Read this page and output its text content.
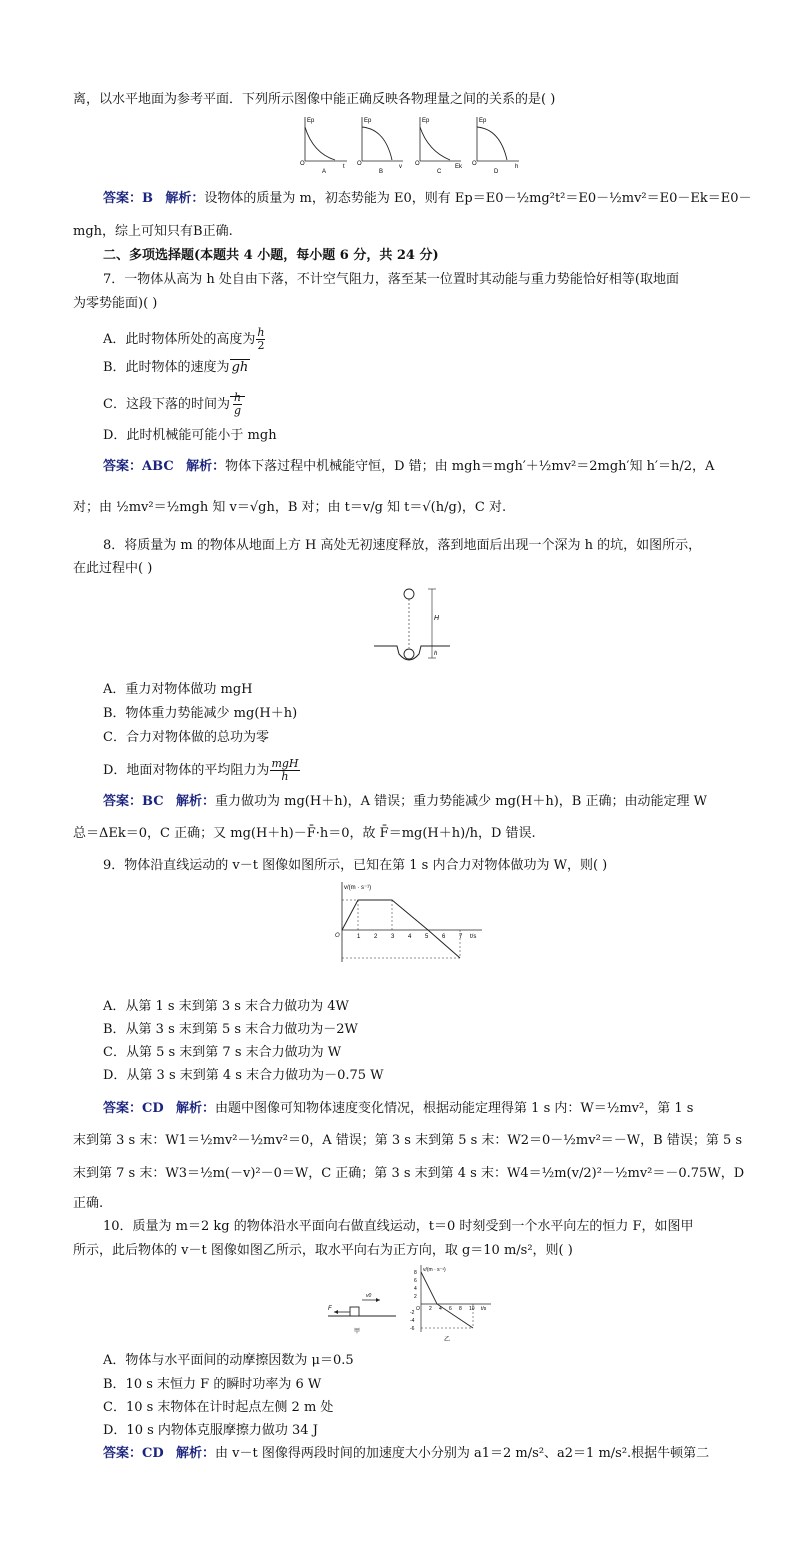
离，以水平地面为参考平面．下列所示图像中能正确反映各物理量之间的关系的是( )
Ep
O	t
A
Ep
O	v
B
Ep
O	Ek
C
Ep
O	h
D
答案：B 解析：设物体的质量为 m，初态势能为 E0，则有 Ep＝E0－½mg²t²＝E0－½mv²＝E0－Ek＝E0－
mgh，综上可知只有B正确.
二、多项选择题(本题共 4 小题，每小题 6 分，共 24 分)
7．一物体从高为 h 处自由下落，不计空气阻力，落至某一位置时其动能与重力势能恰好相等(取地面
为零势能面)( )
A．此时物体所处的高度为 $\frac{h}{2}$
B．此时物体的速度为 gh
C．这段下落的时间为 $\frac{h}{g}$
D．此时机械能可能小于 mgh
答案：ABC 解析：物体下落过程中机械能守恒，D 错；由 mgh＝mgh′＋½mv²＝2mgh′知 h′＝h/2，A
对；由 ½mv²＝½mgh 知 v＝√gh，B 对；由 t＝v/g 知 t＝√(h/g)，C 对.
8．将质量为 m 的物体从地面上方 H 高处无初速度释放，落到地面后出现一个深为 h 的坑，如图所示，
在此过程中( )
H
h
A．重力对物体做功 mgH
B．物体重力势能减少 mg(H＋h)
C．合力对物体做的总功为零
D．地面对物体的平均阻力为 $\frac{\text{mgH}}{h}$
答案：BC 解析：重力做功为 mg(H＋h)，A 错误；重力势能减少 mg(H＋h)，B 正确；由动能定理 W
总＝ΔEk＝0，C 正确；又 mg(H＋h)－F̄·h＝0，故 F̄＝mg(H＋h)/h，D 错误.
9．物体沿直线运动的 v－t 图像如图所示，已知在第 1 s 内合力对物体做功为 W，则( )
v/(m · s⁻¹)
O	t/s
1 2 3 4 5 6 7
A．从第 1 s 末到第 3 s 末合力做功为 4W
B．从第 3 s 末到第 5 s 末合力做功为－2W
C．从第 5 s 末到第 7 s 末合力做功为 W
D．从第 3 s 末到第 4 s 末合力做功为－0.75 W
答案：CD 解析：由题中图像可知物体速度变化情况，根据动能定理得第 1 s 内：W＝½mv²，第 1 s
末到第 3 s 末：W1＝½mv²－½mv²＝0，A 错误；第 3 s 末到第 5 s 末：W2＝0－½mv²＝－W，B 错误；第 5 s
末到第 7 s 末：W3＝½m(－v)²－0＝W，C 正确；第 3 s 末到第 4 s 末：W4＝½m(v/2)²－½mv²＝－0.75W，D
正确.
10．质量为 m＝2 kg 的物体沿水平面向右做直线运动，t＝0 时刻受到一个水平向左的恒力 F，如图甲
所示，此后物体的 v－t 图像如图乙所示，取水平向右为正方向，取 g＝10 m/s²，则( )
F
v0
甲
v/(m · s⁻¹)
O	t/s
8
6
4
2
-2
-4
-6
2 4 6 8 10
乙
A．物体与水平面间的动摩擦因数为 μ＝0.5
B．10 s 末恒力 F 的瞬时功率为 6 W
C．10 s 末物体在计时起点左侧 2 m 处
D．10 s 内物体克服摩擦力做功 34 J
答案：CD 解析：由 v－t 图像得两段时间的加速度大小分别为 a1＝2 m/s²、a2＝1 m/s².根据牛顿第二
